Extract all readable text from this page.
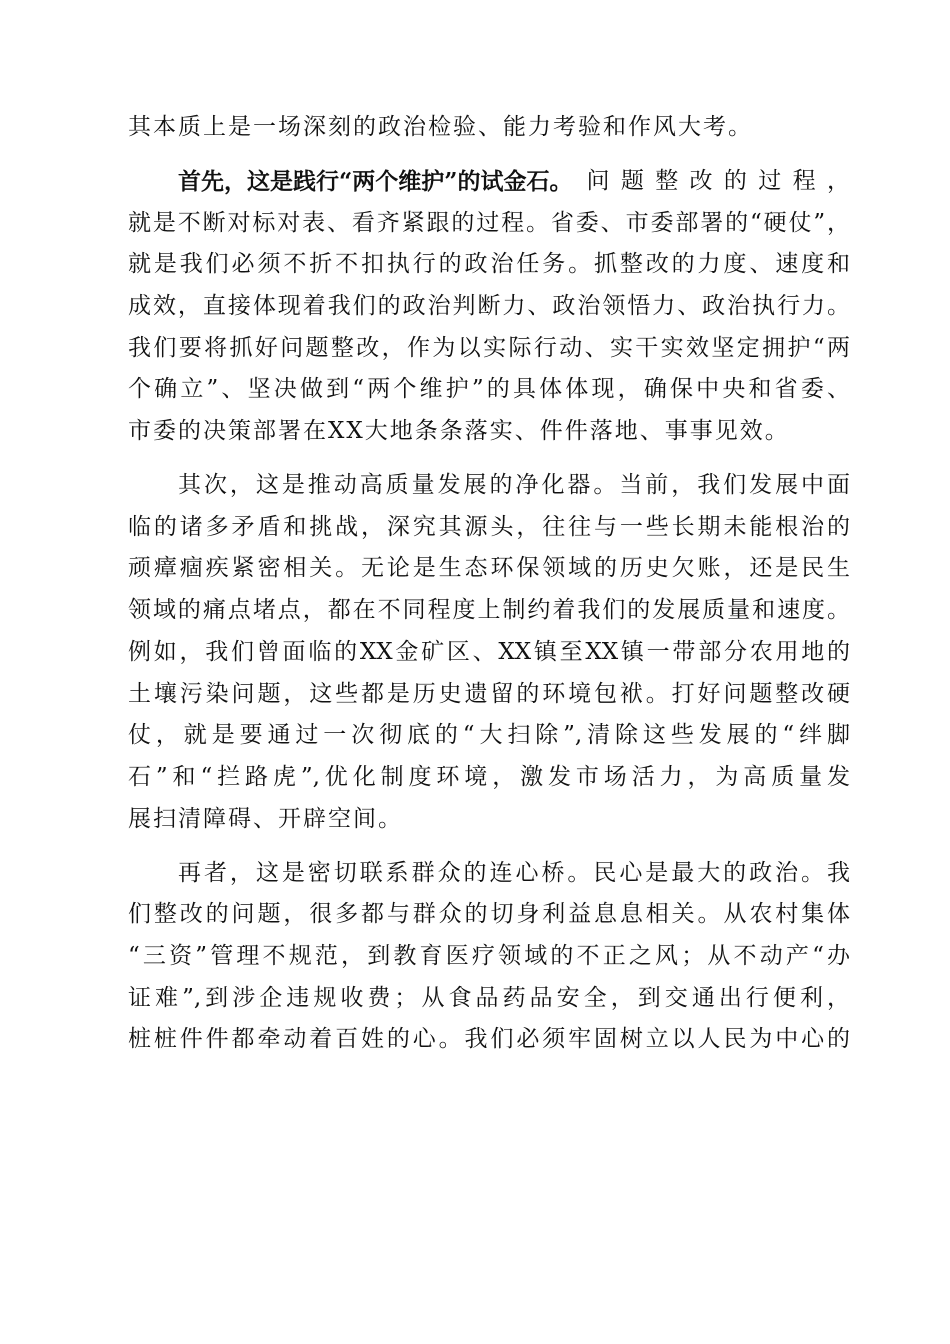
其本质上是一场深刻的政治检验、能力考验和作风大考。
首先，这是践行“两个维护”的试金石。 问题整改的过程，
就是不断对标对表、看齐紧跟的过程。省委、市委部署的“硬仗”，
就是我们必须不折不扣执行的政治任务。抓整改的力度、速度和
成效，直接体现着我们的政治判断力、政治领悟力、政治执行力。
我们要将抓好问题整改，作为以实际行动、实干实效坚定拥护“两
个确立”、坚决做到“两个维护”的具体体现，确保中央和省委、
市委的决策部署在XX大地条条落实、件件落地、事事见效。
其次，这是推动高质量发展的净化器。当前，我们发展中面
临的诸多矛盾和挑战，深究其源头，往往与一些长期未能根治的
顽瘴痼疾紧密相关。无论是生态环保领域的历史欠账，还是民生
领域的痛点堵点，都在不同程度上制约着我们的发展质量和速度。
例如，我们曾面临的XX金矿区、XX镇至XX镇一带部分农用地的
土壤污染问题，这些都是历史遗留的环境包袱。打好问题整改硬
仗，就是要通过一次彻底的“大扫除”,清除这些发展的“绊脚
石”和“拦路虎”,优化制度环境，激发市场活力，为高质量发
展扫清障碍、开辟空间。
再者，这是密切联系群众的连心桥。民心是最大的政治。我
们整改的问题，很多都与群众的切身利益息息相关。从农村集体
“三资”管理不规范，到教育医疗领域的不正之风；从不动产“办
证难”,到涉企违规收费；从食品药品安全，到交通出行便利，
桩桩件件都牵动着百姓的心。我们必须牢固树立以人民为中心的
